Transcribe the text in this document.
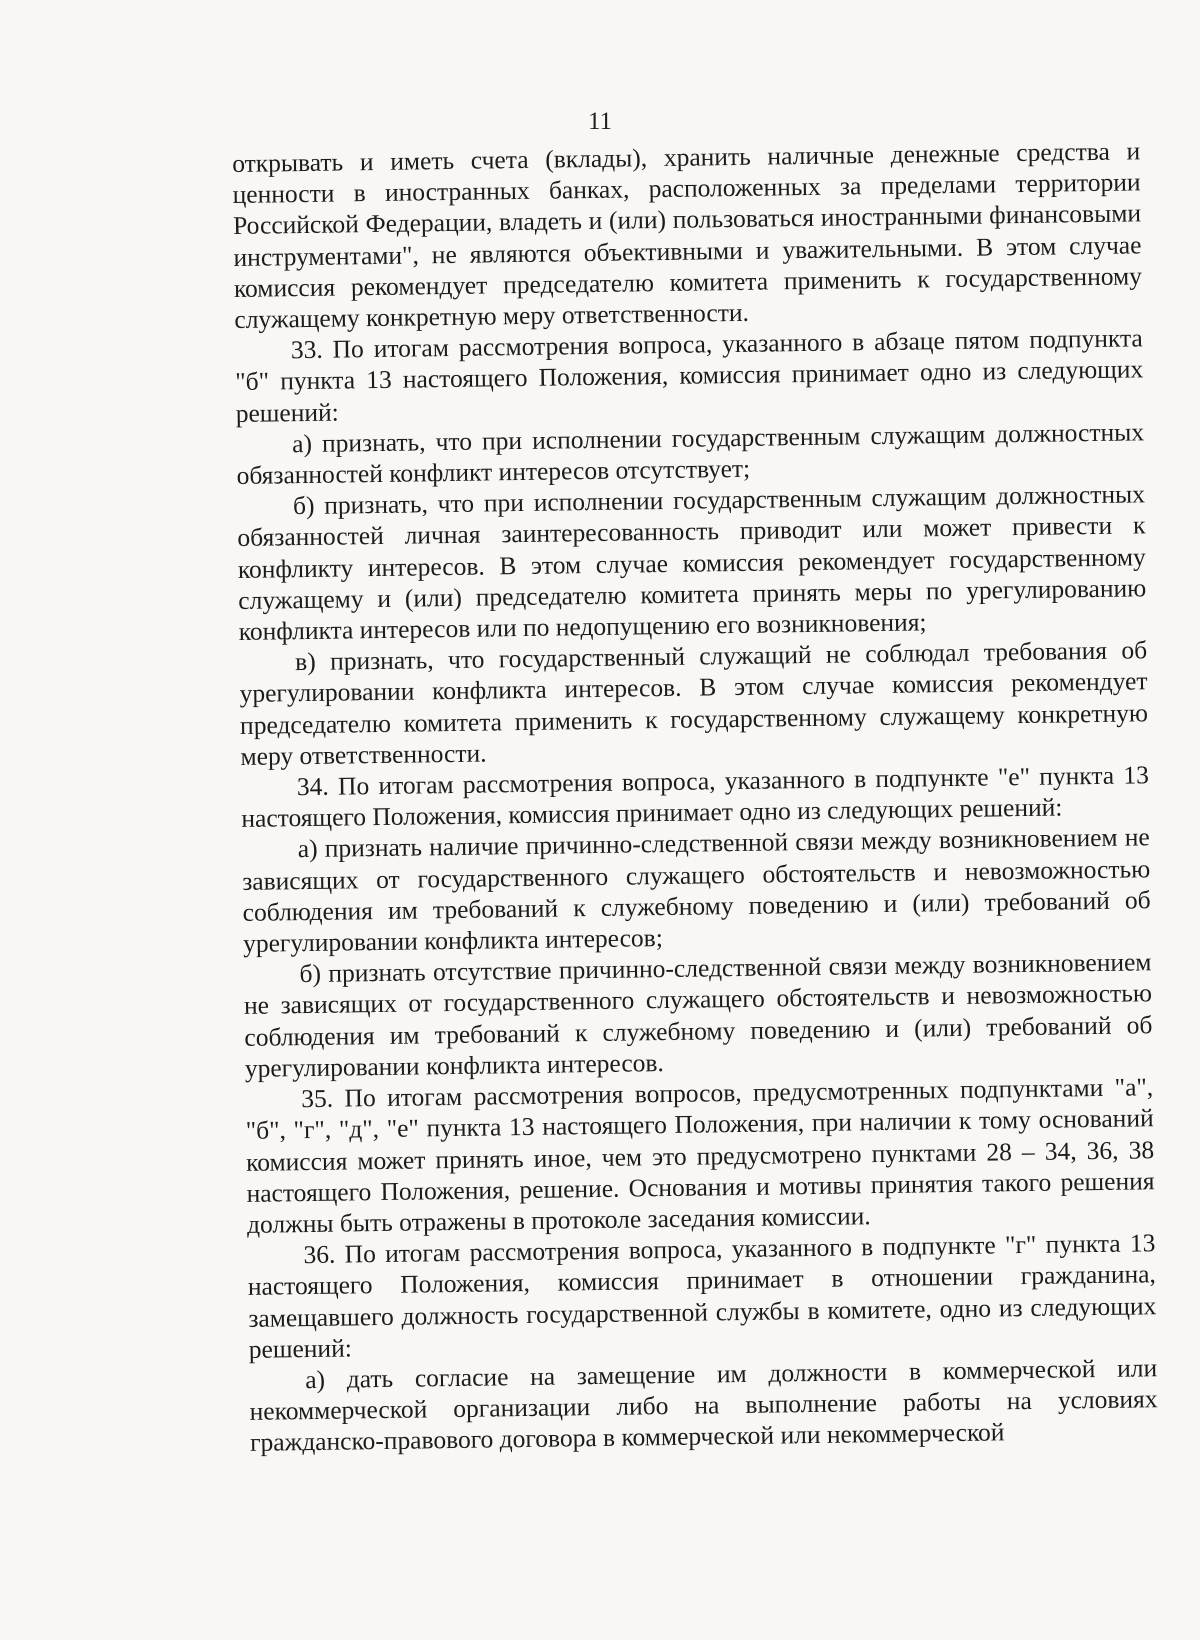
11

открывать и иметь счета (вклады), хранить наличные денежные средства и ценности в иностранных банках, расположенных за пределами территории Российской Федерации, владеть и (или) пользоваться иностранными финансовыми инструментами", не являются объективными и уважительными. В этом случае комиссия рекомендует председателю комитета применить к государственному служащему конкретную меру ответственности.

33. По итогам рассмотрения вопроса, указанного в абзаце пятом подпункта "б" пункта 13 настоящего Положения, комиссия принимает одно из следующих решений:

а) признать, что при исполнении государственным служащим должностных обязанностей конфликт интересов отсутствует;

б) признать, что при исполнении государственным служащим должностных обязанностей личная заинтересованность приводит или может привести к конфликту интересов. В этом случае комиссия рекомендует государственному служащему и (или) председателю комитета принять меры по урегулированию конфликта интересов или по недопущению его возникновения;

в) признать, что государственный служащий не соблюдал требования об урегулировании конфликта интересов. В этом случае комиссия рекомендует председателю комитета применить к государственному служащему конкретную меру ответственности.

34. По итогам рассмотрения вопроса, указанного в подпункте "е" пункта 13 настоящего Положения, комиссия принимает одно из следующих решений:

а) признать наличие причинно-следственной связи между возникновением не зависящих от государственного служащего обстоятельств и невозможностью соблюдения им требований к служебному поведению и (или) требований об урегулировании конфликта интересов;

б) признать отсутствие причинно-следственной связи между возникновением не зависящих от государственного служащего обстоятельств и невозможностью соблюдения им требований к служебному поведению и (или) требований об урегулировании конфликта интересов.

35. По итогам рассмотрения вопросов, предусмотренных подпунктами "а", "б", "г", "д", "е" пункта 13 настоящего Положения, при наличии к тому оснований комиссия может принять иное, чем это предусмотрено пунктами 28 – 34, 36, 38 настоящего Положения, решение. Основания и мотивы принятия такого решения должны быть отражены в протоколе заседания комиссии.

36. По итогам рассмотрения вопроса, указанного в подпункте "г" пункта 13 настоящего Положения, комиссия принимает в отношении гражданина, замещавшего должность государственной службы в комитете, одно из следующих решений:

а) дать согласие на замещение им должности в коммерческой или некоммерческой организации либо на выполнение работы на условиях гражданско-правового договора в коммерческой или некоммерческой
